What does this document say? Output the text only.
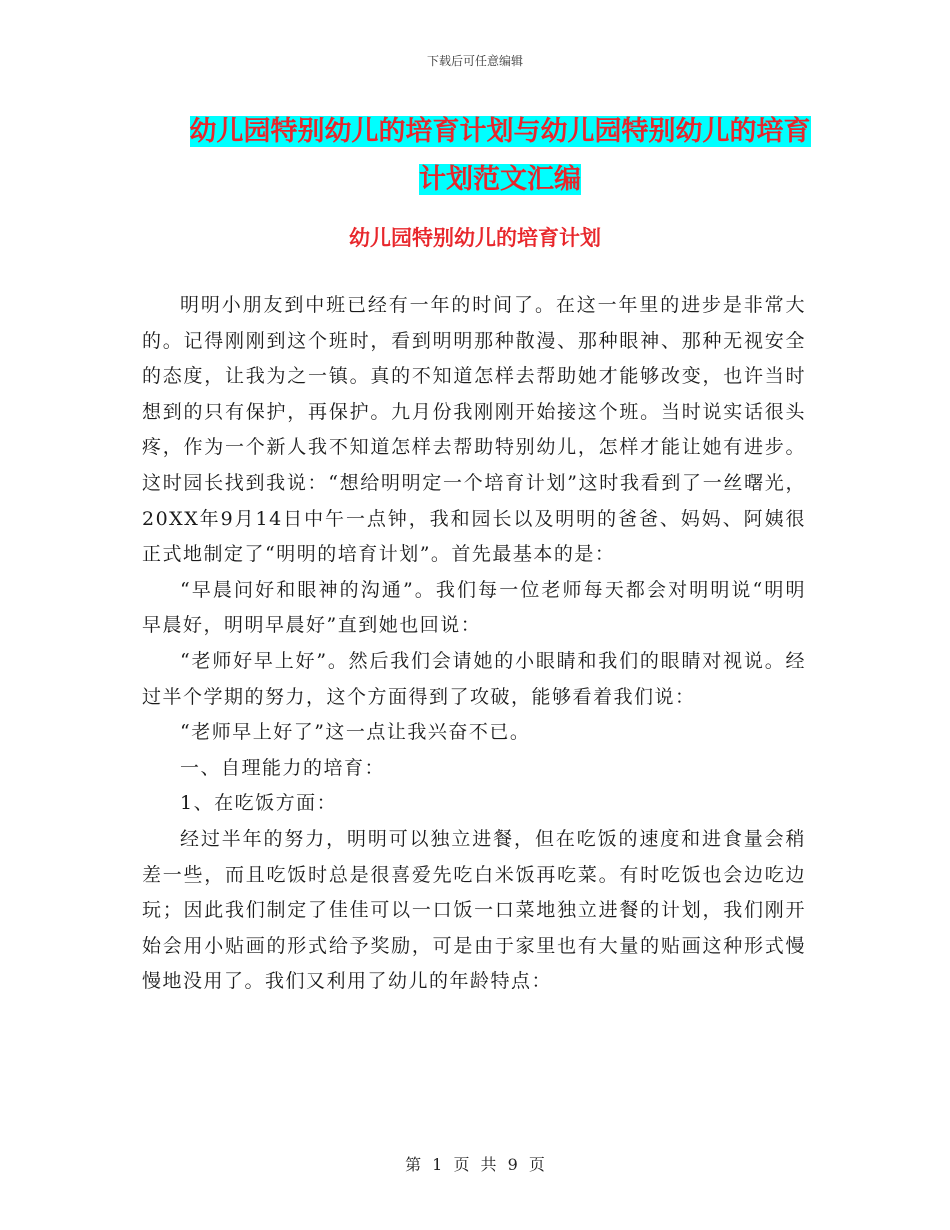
下载后可任意编辑
幼儿园特别幼儿的培育计划与幼儿园特别幼儿的培育
计划范文汇编
幼儿园特别幼儿的培育计划

明明小朋友到中班已经有一年的时间了。在这一年里的进步是非常大的。记得刚刚到这个班时，看到明明那种散漫、那种眼神、那种无视安全的态度，让我为之一镇。真的不知道怎样去帮助她才能够改变，也许当时想到的只有保护，再保护。九月份我刚刚开始接这个班。当时说实话很头疼，作为一个新人我不知道怎样去帮助特别幼儿，怎样才能让她有进步。这时园长找到我说：“想给明明定一个培育计划”这时我看到了一丝曙光，20XX年9月14日中午一点钟，我和园长以及明明的爸爸、妈妈、阿姨很正式地制定了“明明的培育计划”。首先最基本的是：

“早晨问好和眼神的沟通”。我们每一位老师每天都会对明明说“明明早晨好，明明早晨好”直到她也回说：

“老师好早上好”。然后我们会请她的小眼睛和我们的眼睛对视说。经过半个学期的努力，这个方面得到了攻破，能够看着我们说：

“老师早上好了”这一点让我兴奋不已。

一、自理能力的培育：

1、在吃饭方面：

经过半年的努力，明明可以独立进餐，但在吃饭的速度和进食量会稍差一些，而且吃饭时总是很喜爱先吃白米饭再吃菜。有时吃饭也会边吃边玩；因此我们制定了佳佳可以一口饭一口菜地独立进餐的计划，我们刚开始会用小贴画的形式给予奖励，可是由于家里也有大量的贴画这种形式慢慢地没用了。我们又利用了幼儿的年龄特点：

第 1 页 共 9 页
